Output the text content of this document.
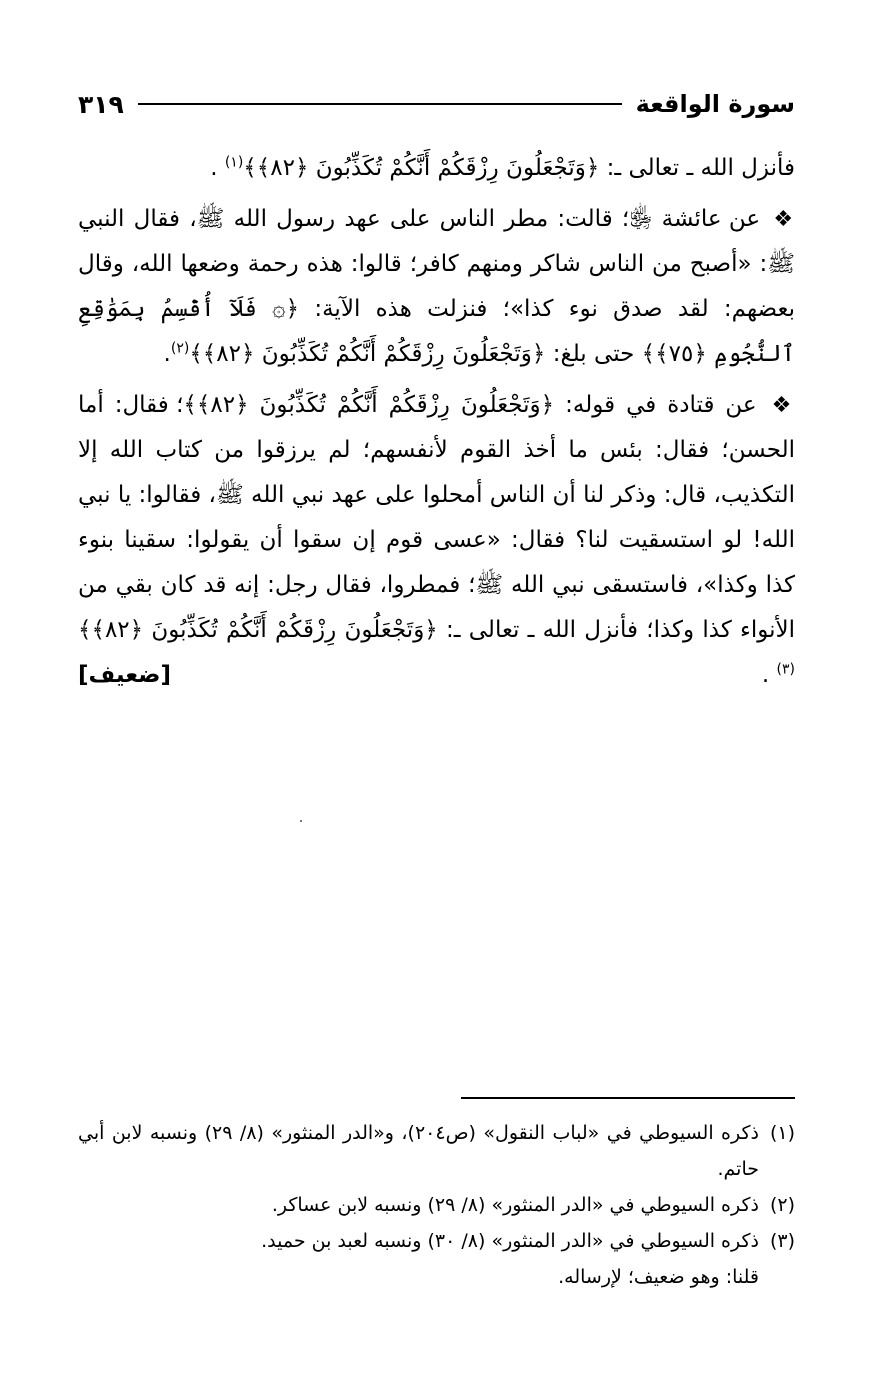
سورة الواقعة
٣١٩

فأنزل الله ـ تعالى ـ: ﴿وَتَجْعَلُونَ رِزْقَكُمْ أَنَّكُمْ تُكَذِّبُونَ ﴿٨٢﴾﴾$^{(١)}$ .

❖ عن عائشة ﵂؛ قالت: مطر الناس على عهد رسول الله ﷺ، فقال النبي ﷺ: «أصبح من الناس شاكر ومنهم كافر؛ قالوا: هذه رحمة وضعها الله، وقال بعضهم: لقد صدق نوء كذا»؛ فنزلت هذه الآية: ﴿۞ فَلَآ أُقْسِمُ بِمَوَٰقِعِ ٱلنُّجُومِ ﴿٧٥﴾﴾ حتى بلغ: ﴿وَتَجْعَلُونَ رِزْقَكُمْ أَنَّكُمْ تُكَذِّبُونَ ﴿٨٢﴾﴾$^{(٢)}$.

❖ عن قتادة في قوله: ﴿وَتَجْعَلُونَ رِزْقَكُمْ أَنَّكُمْ تُكَذِّبُونَ ﴿٨٢﴾﴾؛ فقال: أما الحسن؛ فقال: بئس ما أخذ القوم لأنفسهم؛ لم يرزقوا من كتاب الله إلا التكذيب، قال: وذكر لنا أن الناس أمحلوا على عهد نبي الله ﷺ، فقالوا: يا نبي الله! لو استسقيت لنا؟ فقال: «عسى قوم إن سقوا أن يقولوا: سقينا بنوء كذا وكذا»، فاستسقى نبي الله ﷺ؛ فمطروا، فقال رجل: إنه قد كان بقي من الأنواء كذا وكذا؛ فأنزل الله ـ تعالى ـ: ﴿وَتَجْعَلُونَ رِزْقَكُمْ أَنَّكُمْ تُكَذِّبُونَ ﴿٨٢﴾﴾$^{(٣)}$ .
[ضعيف]

(١)
ذكره السيوطي في «لباب النقول» (ص٢٠٤)، و«الدر المنثور» (٨/ ٢٩) ونسبه لابن أبي حاتم.
(٢)
ذكره السيوطي في «الدر المنثور» (٨/ ٢٩) ونسبه لابن عساكر.
(٣)
ذكره السيوطي في «الدر المنثور» (٨/ ٣٠) ونسبه لعبد بن حميد.
قلنا: وهو ضعيف؛ لإرساله.
